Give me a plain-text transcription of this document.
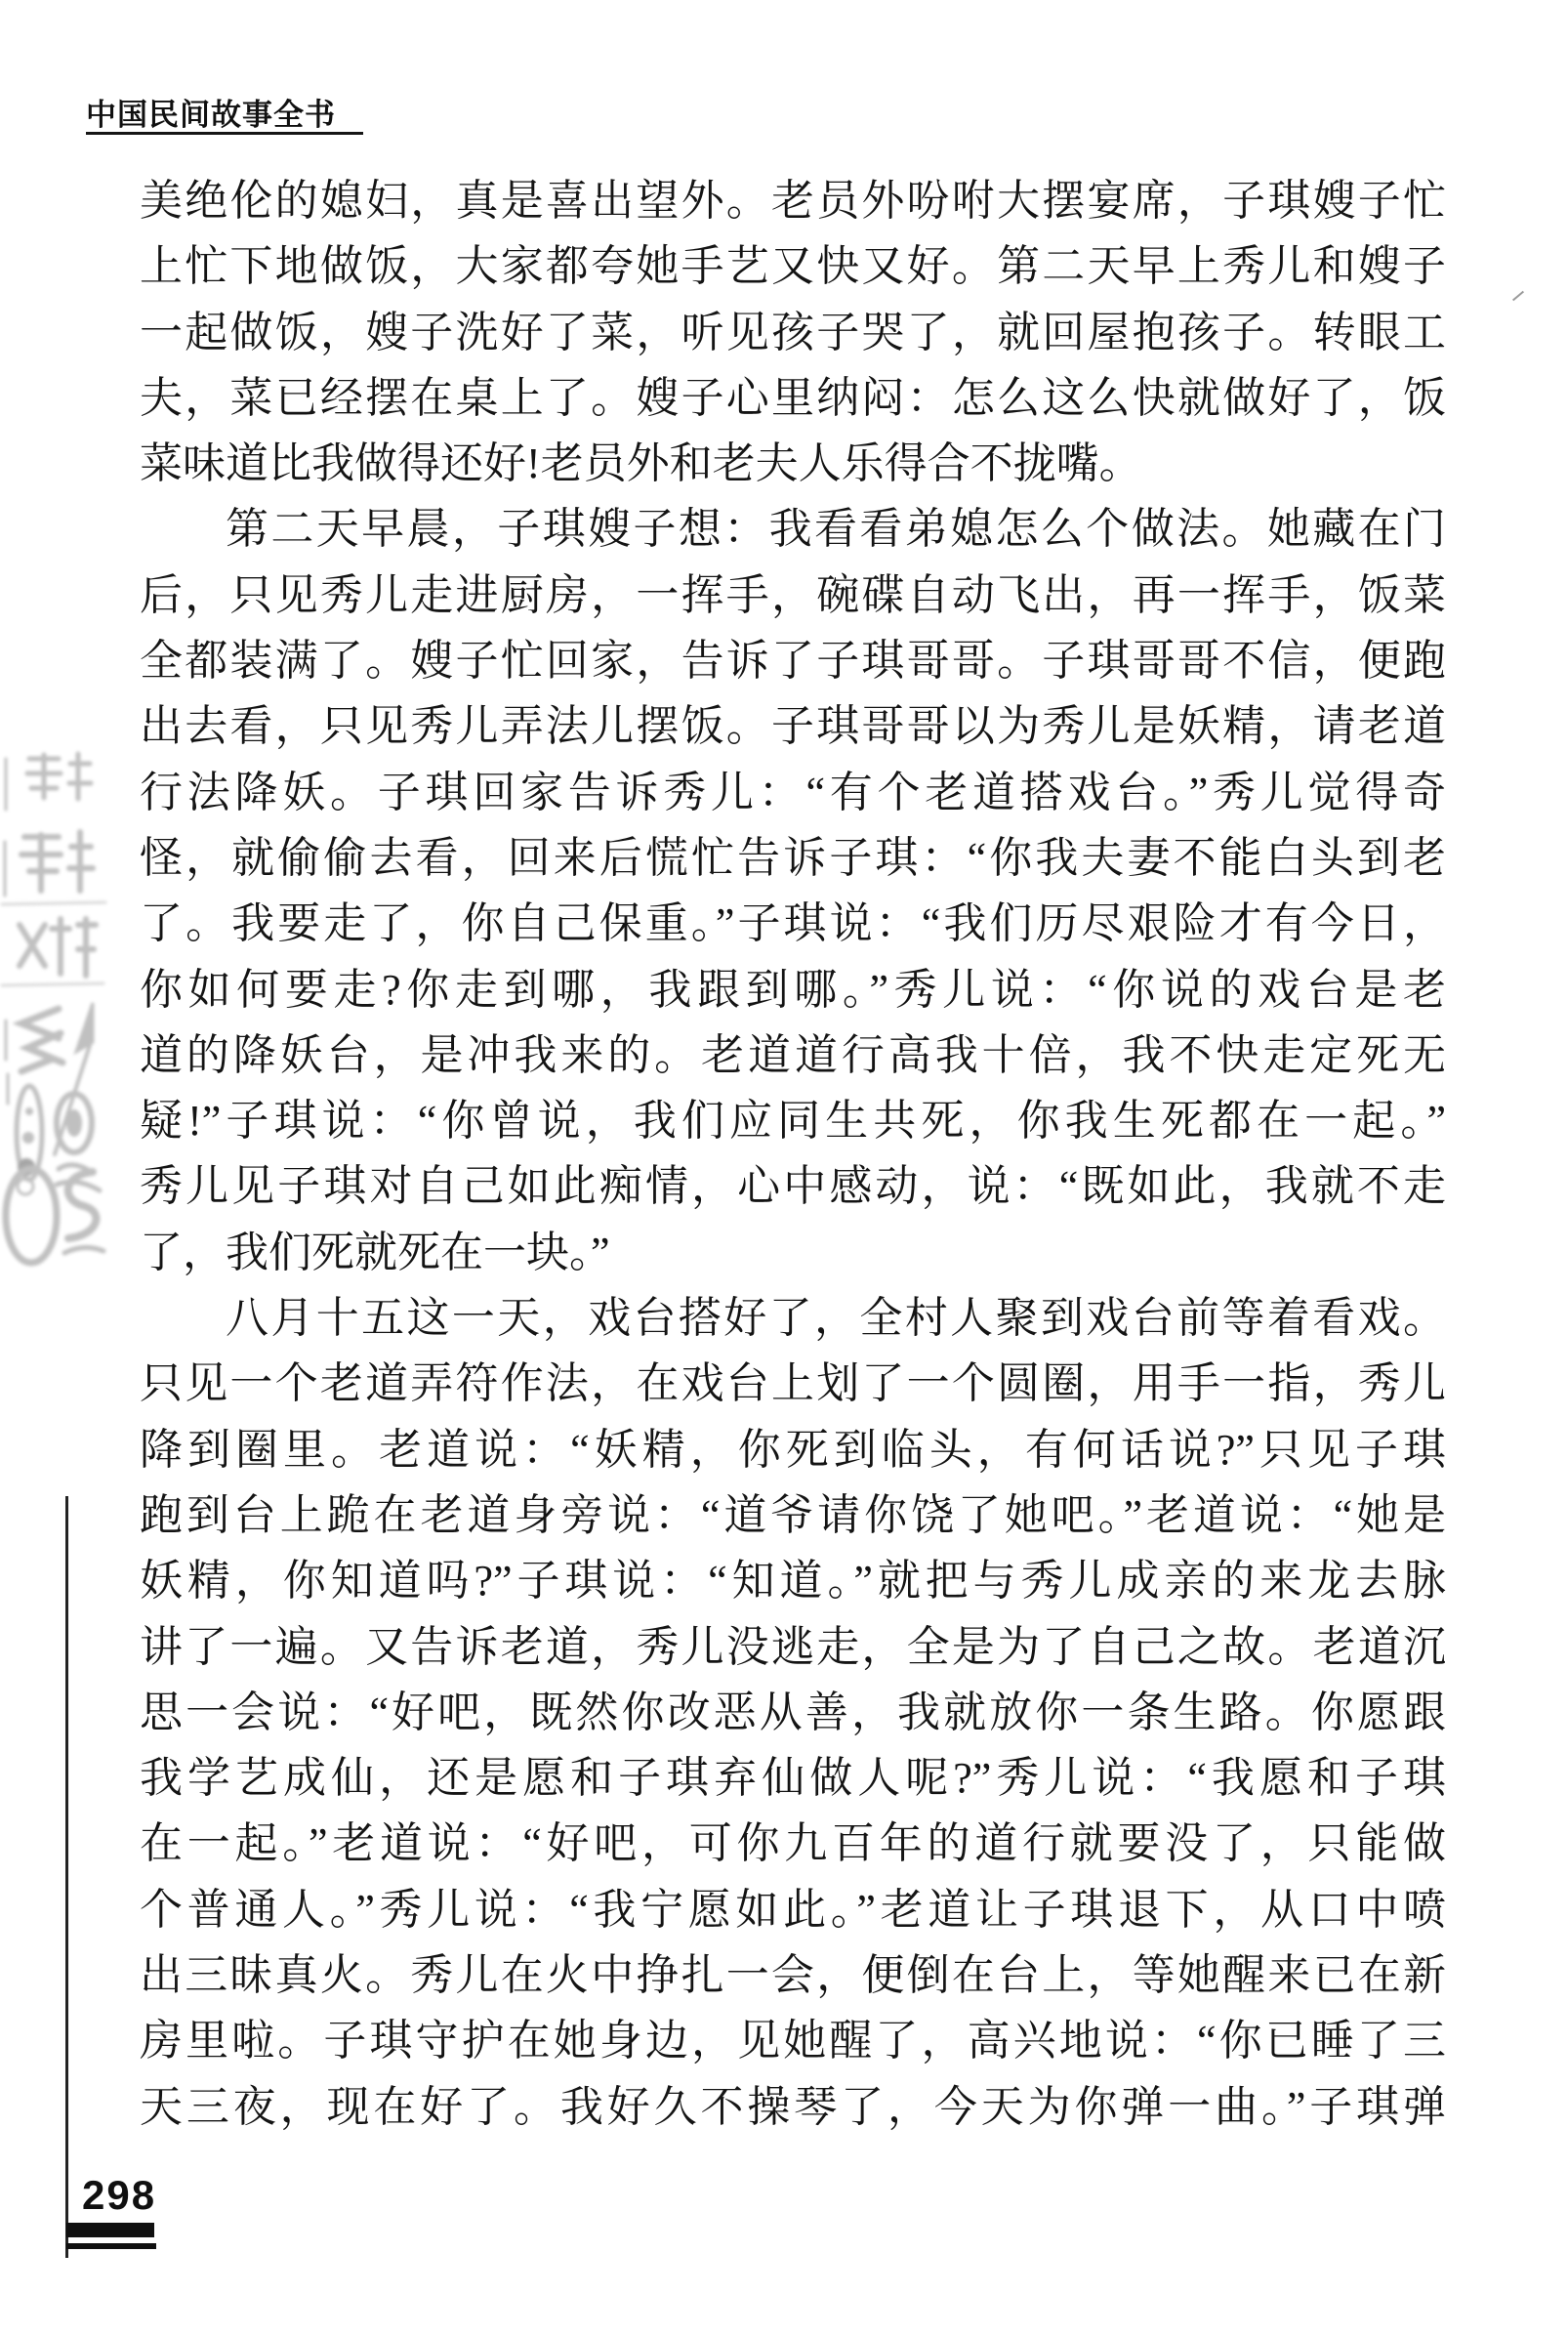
中国民间故事全书
美绝伦的媳妇，真是喜出望外。老员外吩咐大摆宴席，子琪嫂子忙
上忙下地做饭，大家都夸她手艺又快又好。第二天早上秀儿和嫂子
一起做饭，嫂子洗好了菜，听见孩子哭了，就回屋抱孩子。转眼工
夫，菜已经摆在桌上了。嫂子心里纳闷：怎么这么快就做好了，饭
菜味道比我做得还好!老员外和老夫人乐得合不拢嘴。
第二天早晨，子琪嫂子想：我看看弟媳怎么个做法。她藏在门
后，只见秀儿走进厨房，一挥手，碗碟自动飞出，再一挥手，饭菜
全都装满了。嫂子忙回家，告诉了子琪哥哥。子琪哥哥不信，便跑
出去看，只见秀儿弄法儿摆饭。子琪哥哥以为秀儿是妖精，请老道
行法降妖。子琪回家告诉秀儿：“有个老道搭戏台。”秀儿觉得奇
怪，就偷偷去看，回来后慌忙告诉子琪：“你我夫妻不能白头到老
了。我要走了，你自己保重。”子琪说：“我们历尽艰险才有今日，
你如何要走?你走到哪，我跟到哪。”秀儿说：“你说的戏台是老
道的降妖台，是冲我来的。老道道行高我十倍，我不快走定死无
疑!”子琪说：“你曾说，我们应同生共死，你我生死都在一起。”
秀儿见子琪对自己如此痴情，心中感动，说：“既如此，我就不走
了，我们死就死在一块。”
八月十五这一天，戏台搭好了，全村人聚到戏台前等着看戏。
只见一个老道弄符作法，在戏台上划了一个圆圈，用手一指，秀儿
降到圈里。老道说：“妖精，你死到临头，有何话说?”只见子琪
跑到台上跪在老道身旁说：“道爷请你饶了她吧。”老道说：“她是
妖精，你知道吗?”子琪说：“知道。”就把与秀儿成亲的来龙去脉
讲了一遍。又告诉老道，秀儿没逃走，全是为了自己之故。老道沉
思一会说：“好吧，既然你改恶从善，我就放你一条生路。你愿跟
我学艺成仙，还是愿和子琪弃仙做人呢?”秀儿说：“我愿和子琪
在一起。”老道说：“好吧，可你九百年的道行就要没了，只能做
个普通人。”秀儿说：“我宁愿如此。”老道让子琪退下，从口中喷
出三昧真火。秀儿在火中挣扎一会，便倒在台上，等她醒来已在新
房里啦。子琪守护在她身边，见她醒了，高兴地说：“你已睡了三
天三夜，现在好了。我好久不操琴了，今天为你弹一曲。”子琪弹
298
